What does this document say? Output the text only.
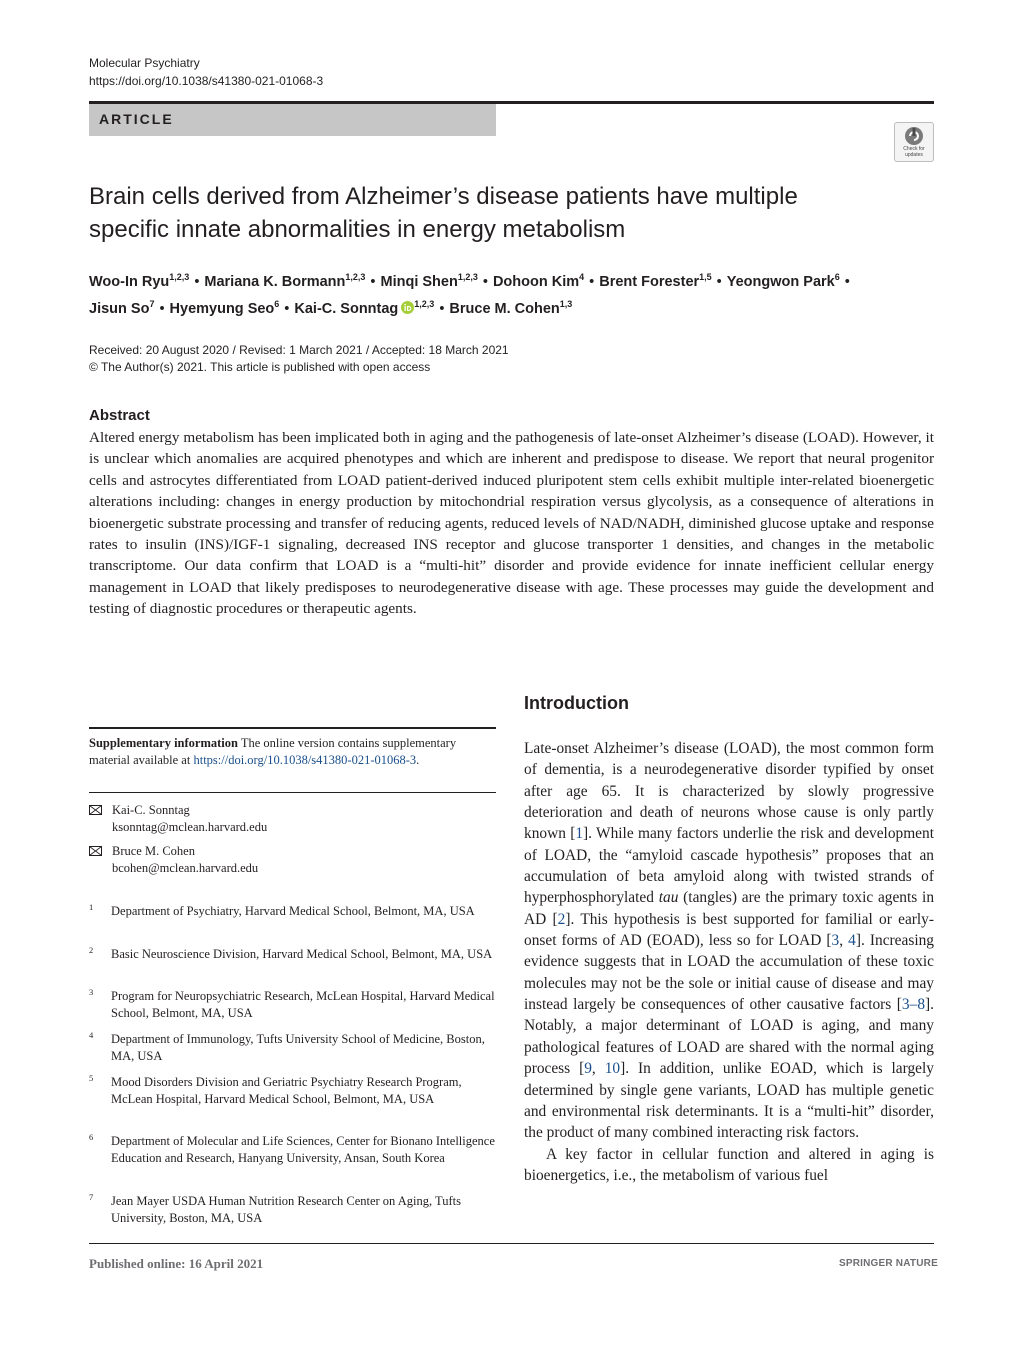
Molecular Psychiatry
https://doi.org/10.1038/s41380-021-01068-3
ARTICLE
Check for
updates
Brain cells derived from Alzheimer’s disease patients have multiple
specific innate abnormalities in energy metabolism
Woo-In Ryu$^{1,2,3}$ • Mariana K. Bormann$^{1,2,3}$ • Minqi Shen$^{1,2,3}$ • Dohoon Kim$^4$ • Brent Forester$^{1,5}$ • Yeongwon Park$^6$ •
Jisun So$^7$ • Hyemyung Seo$^6$ • Kai-C. Sonntag $^{1,2,3}$ • Bruce M. Cohen$^{1,3}$
Received: 20 August 2020 / Revised: 1 March 2021 / Accepted: 18 March 2021
© The Author(s) 2021. This article is published with open access
Abstract

Altered energy metabolism has been implicated both in aging and the pathogenesis of late-onset Alzheimer’s disease (LOAD). However, it is unclear which anomalies are acquired phenotypes and which are inherent and predispose to disease. We report that neural progenitor cells and astrocytes differentiated from LOAD patient-derived induced pluripotent stem cells exhibit multiple inter-related bioenergetic alterations including: changes in energy production by mitochondrial respiration versus glycolysis, as a consequence of alterations in bioenergetic substrate processing and transfer of reducing agents, reduced levels of NAD/NADH, diminished glucose uptake and response rates to insulin (INS)/IGF-1 signaling, decreased INS receptor and glucose transporter 1 densities, and changes in the metabolic transcriptome. Our data confirm that LOAD is a “multi-hit” disorder and provide evidence for innate inefficient cellular energy management in LOAD that likely predisposes to neurodegenerative disease with age. These processes may guide the development and testing of diagnostic procedures or therapeutic agents.

Supplementary information The online version contains supplementary material available at https://doi.org/10.1038/s41380-021-01068-3.
Kai-C. Sonntag
ksonntag@mclean.harvard.edu
Bruce M. Cohen
bcohen@mclean.harvard.edu
1 Department of Psychiatry, Harvard Medical School, Belmont, MA, USA
2 Basic Neuroscience Division, Harvard Medical School, Belmont, MA, USA
3 Program for Neuropsychiatric Research, McLean Hospital, Harvard Medical School, Belmont, MA, USA
4 Department of Immunology, Tufts University School of Medicine, Boston, MA, USA
5 Mood Disorders Division and Geriatric Psychiatry Research Program, McLean Hospital, Harvard Medical School, Belmont, MA, USA
6 Department of Molecular and Life Sciences, Center for Bionano Intelligence Education and Research, Hanyang University, Ansan, South Korea
7 Jean Mayer USDA Human Nutrition Research Center on Aging, Tufts University, Boston, MA, USA
Introduction

Late-onset Alzheimer’s disease (LOAD), the most common form of dementia, is a neurodegenerative disorder typified by onset after age 65. It is characterized by slowly progressive deterioration and death of neurons whose cause is only partly known [1]. While many factors underlie the risk and development of LOAD, the “amyloid cascade hypothesis” proposes that an accumulation of beta amyloid along with twisted strands of hyperphosphorylated tau (tangles) are the primary toxic agents in AD [2]. This hypothesis is best supported for familial or early-onset forms of AD (EOAD), less so for LOAD [3, 4]. Increasing evidence suggests that in LOAD the accumulation of these toxic molecules may not be the sole or initial cause of disease and may instead largely be consequences of other causative factors [3–8]. Notably, a major determinant of LOAD is aging, and many pathological features of LOAD are shared with the normal aging process [9, 10]. In addition, unlike EOAD, which is largely determined by single gene variants, LOAD has multiple genetic and environmental risk determinants. It is a “multi-hit” disorder, the product of many combined interacting risk factors.

A key factor in cellular function and altered in aging is bioenergetics, i.e., the metabolism of various fuel

Published online: 16 April 2021	SPRINGER NATURE
